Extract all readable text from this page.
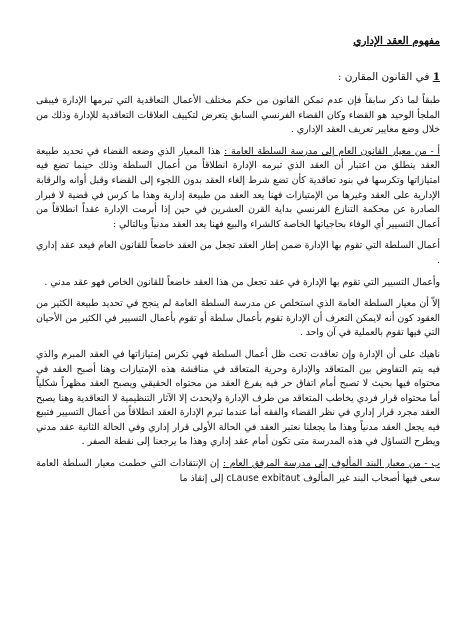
مفهوم العقد الإداري
1 في القانون المقارن :

طبقاً لما ذكر سابقاً فإن عدم تمكن القانون من حكم مختلف الأعمال التعاقدية التي تبرمها الإدارة فيبقى الملجأ الوحيد هو القضاء وكان القضاء الفرنسي السابق يتعرض لتكييف العلاقات التعاقدية للإدارة وذلك من خلال وضع معايير تعريف العقد الإداري .

أ - من معيار القانون العام إلى مدرسة السلطة العامة : هذا المعيار الذي وضعه القضاء في تحديد طبيعة العقد ينطلق من اعتبار أن العقد الذي تبرمه الإدارة انطلاقاً من أعمال السلطة وذلك حينما تضع فيه امتيازاتها وتكرسها في بنود تعاقدية كأن تضع شرط إلغاء العقد بدون اللجوء إلى القضاء وقبل أوانه والرقابة الإدارية على العقد وغيرها من الإمتيازات فهنا يعد العقد من طبيعة إدارية وهذا ما كرس في قضية لا فبرار الصادرة عن محكمة التنازع الفرنسي بداية القرن العشرين في حين إذا أبرمت الإدارة عقداً انطلاقاً من أعمال التسيير أي الوفاء بحاجياتها الخاصة كالشراء والبيع فهنا يعد العقد مدنياً وبالتالي :

أعمال السلطة التي تقوم بها الإدارة ضمن إطار العقد تجعل من العقد خاضعاً للقانون العام فيعد عقد إداري .

وأعمال التسيير التي تقوم بها الإدارة في عقد تجعل من هذا العقد خاضعاً للقانون الخاص فهو عقد مدني .

إلاّ أن معيار السلطة العامة الذي استخلص عن مدرسة السلطة العامة لم ينجح في تحديد طبيعة الكثير من العقود كون أنه لايمكن التعرف أن الإدارة تقوم بأعمال سلطة أو تقوم بأعمال التسيير في الكثير من الأحيان التي فيها تقوم بالعملية في آن واحد .

ناهيك على أن الإدارة وإن تعاقدت تحت ظل أعمال السلطة فهي تكرس إمتيازاتها في العقد المبرم والذي فيه يتم التفاوض بين المتعاقد والإدارة وحرية المتعاقد في مناقشة هذه الإمتيازات وهنا أصبح العقد في محتواه فيها بحيث لا تصبح أمام اتفاق حر فيه يفرغ العقد من محتواه الحقيقي ويصبح العقد مظهراً شكلياً أما محتواه قرار فردي يخاطب المتعاقد من طرف الإدارة ولايحدث إلا الآثار التنظيمية لا التعاقدية وهنا يصبح العقد مجرد قرار إداري في نظر القضاء والفقه أما عندما تبرم الإدارة العقد انطلاقاً من أعمال التسيير فتبيع فيه يجعل العقد مدنياً وهذا ما يجعلنا نعتبر العقد في الحالة الأولى قرار إداري وفي الحالة الثانية عقد مدني ويطرح التساؤل في هذه المدرسة متى تكون أمام عقد إداري وهذا ما يرجعنا إلى نقطة الصفر .

ب - من معيار البند المألوف إلى مدرسة المرفق العام : إن الإنتقادات التي حطمت معيار السلطة العامة سعى فيها أصحاب البند غير المألوف cLause exbitaut إلى إنقاذ ما
